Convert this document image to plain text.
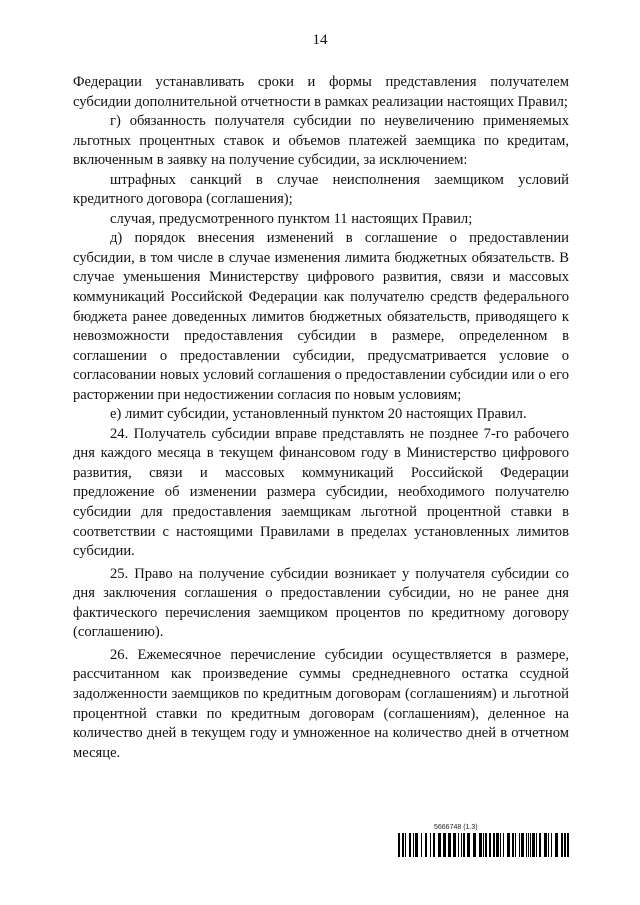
14

Федерации устанавливать сроки и формы представления получателем субсидии дополнительной отчетности в рамках реализации настоящих Правил;

г) обязанность получателя субсидии по неувеличению применяемых льготных процентных ставок и объемов платежей заемщика по кредитам, включенным в заявку на получение субсидии, за исключением:

штрафных санкций в случае неисполнения заемщиком условий кредитного договора (соглашения);

случая, предусмотренного пунктом 11 настоящих Правил;

д) порядок внесения изменений в соглашение о предоставлении субсидии, в том числе в случае изменения лимита бюджетных обязательств. В случае уменьшения Министерству цифрового развития, связи и массовых коммуникаций Российской Федерации как получателю средств федерального бюджета ранее доведенных лимитов бюджетных обязательств, приводящего к невозможности предоставления субсидии в размере, определенном в соглашении о предоставлении субсидии, предусматривается условие о согласовании новых условий соглашения о предоставлении субсидии или о его расторжении при недостижении согласия по новым условиям;

е) лимит субсидии, установленный пунктом 20 настоящих Правил.

24. Получатель субсидии вправе представлять не позднее 7-го рабочего дня каждого месяца в текущем финансовом году в Министерство цифрового развития, связи и массовых коммуникаций Российской Федерации предложение об изменении размера субсидии, необходимого получателю субсидии для предоставления заемщикам льготной процентной ставки в соответствии с настоящими Правилами в пределах установленных лимитов субсидии.

25. Право на получение субсидии возникает у получателя субсидии со дня заключения соглашения о предоставлении субсидии, но не ранее дня фактического перечисления заемщиком процентов по кредитному договору (соглашению).

26. Ежемесячное перечисление субсидии осуществляется в размере, рассчитанном как произведение суммы среднедневного остатка ссудной задолженности заемщиков по кредитным договорам (соглашениям) и льготной процентной ставки по кредитным договорам (соглашениям), деленное на количество дней в текущем году и умноженное на количество дней в отчетном месяце.

5666748 (1.3)
